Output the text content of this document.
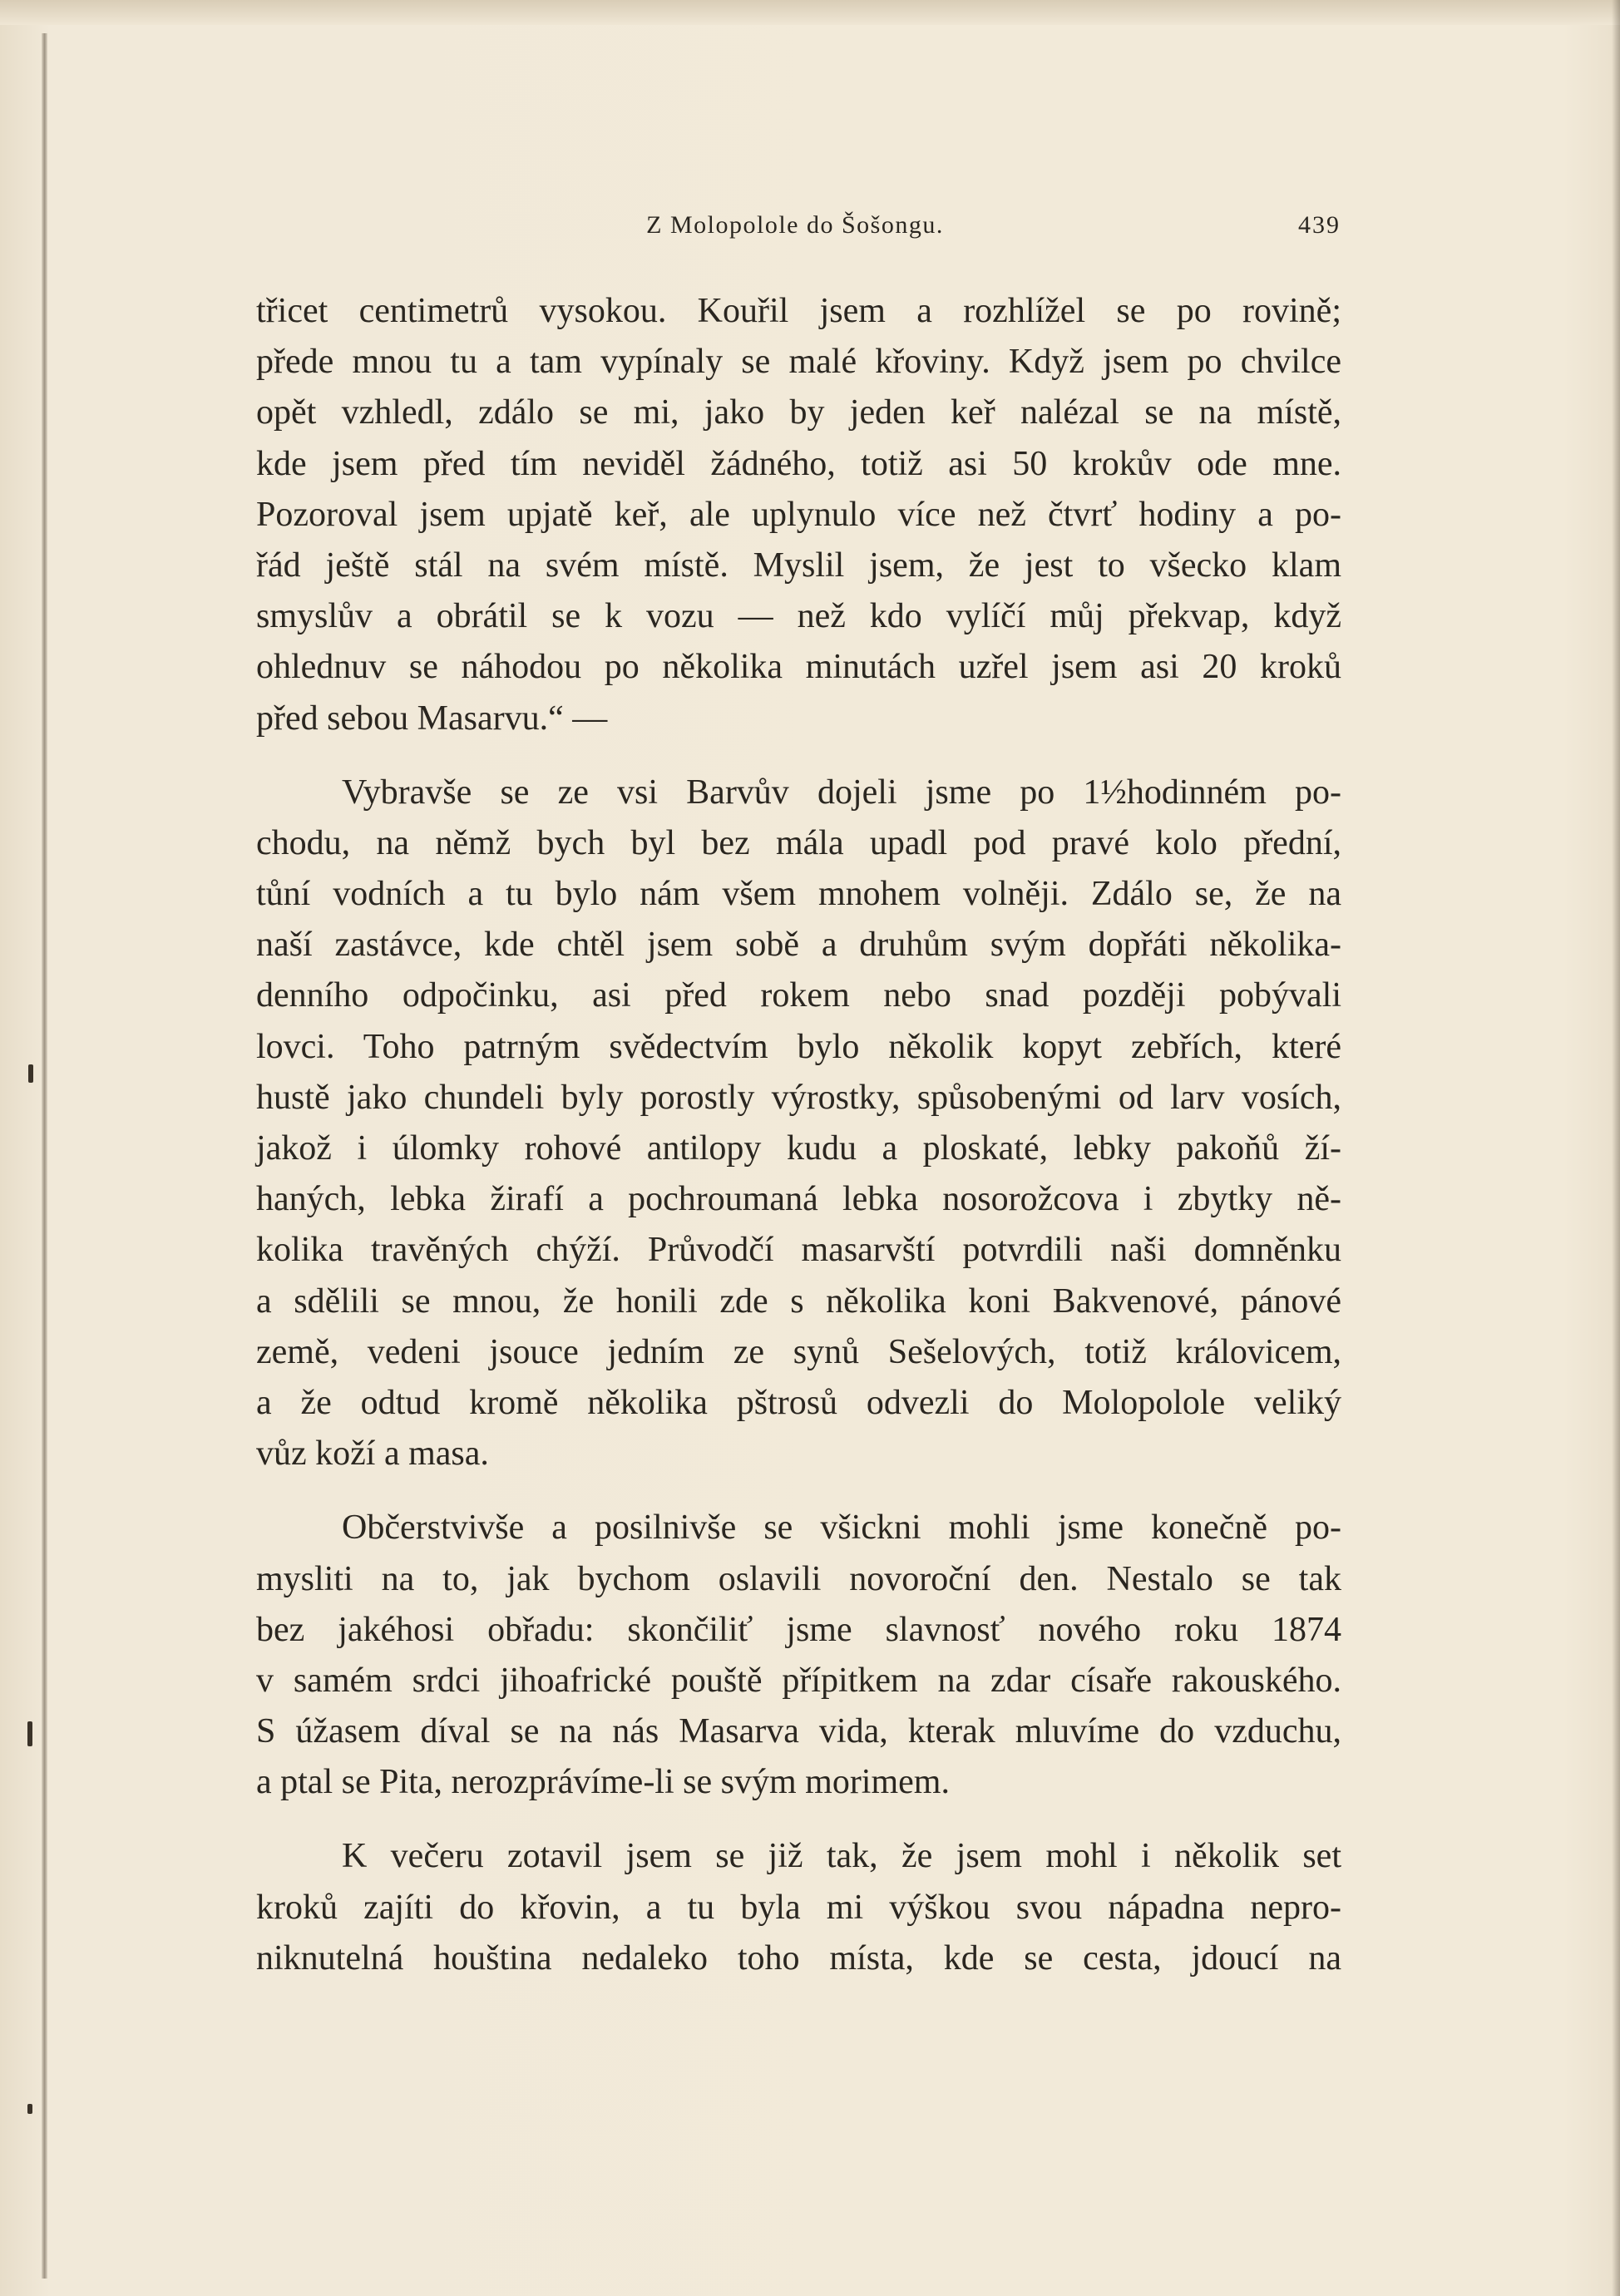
Z Molopolole do Šošongu.	439
třicet centimetrů vysokou. Kouřil jsem a rozhlížel se po rovině;
přede mnou tu a tam vypínaly se malé křoviny. Když jsem po chvilce
opět vzhledl, zdálo se mi, jako by jeden keř nalézal se na místě,
kde jsem před tím neviděl žádného, totiž asi 50 krokův ode mne.
Pozoroval jsem upjatě keř, ale uplynulo více než čtvrť hodiny a po-
řád ještě stál na svém místě. Myslil jsem, že jest to všecko klam
smyslův a obrátil se k vozu — než kdo vylíčí můj překvap, když
ohlednuv se náhodou po několika minutách uzřel jsem asi 20 kroků
před sebou Masarvu.“ —
Vybravše se ze vsi Barvův dojeli jsme po 1½hodinném po-
chodu, na němž bych byl bez mála upadl pod pravé kolo přední,
tůní vodních a tu bylo nám všem mnohem volněji. Zdálo se, že na
naší zastávce, kde chtěl jsem sobě a druhům svým dopřáti několika-
denního odpočinku, asi před rokem nebo snad později pobývali
lovci. Toho patrným svědectvím bylo několik kopyt zebřích, které
hustě jako chundeli byly porostly výrostky, spůsobenými od larv vosích,
jakož i úlomky rohové antilopy kudu a ploskaté, lebky pakoňů ží-
haných, lebka žirafí a pochroumaná lebka nosorožcova i zbytky ně-
kolika travěných chýží. Průvodčí masarvští potvrdili naši domněnku
a sdělili se mnou, že honili zde s několika koni Bakvenové, pánové
země, vedeni jsouce jedním ze synů Sešelových, totiž královicem,
a že odtud kromě několika pštrosů odvezli do Molopolole veliký
vůz koží a masa.
Občerstvivše a posilnivše se všickni mohli jsme konečně po-
mysliti na to, jak bychom oslavili novoroční den. Nestalo se tak
bez jakéhosi obřadu: skončiliť jsme slavnosť nového roku 1874
v samém srdci jihoafrické pouště přípitkem na zdar císaře rakouského.
S úžasem díval se na nás Masarva vida, kterak mluvíme do vzduchu,
a ptal se Pita, nerozprávíme-li se svým morimem.
K večeru zotavil jsem se již tak, že jsem mohl i několik set
kroků zajíti do křovin, a tu byla mi výškou svou nápadna nepro-
niknutelná houština nedaleko toho místa, kde se cesta, jdoucí na
